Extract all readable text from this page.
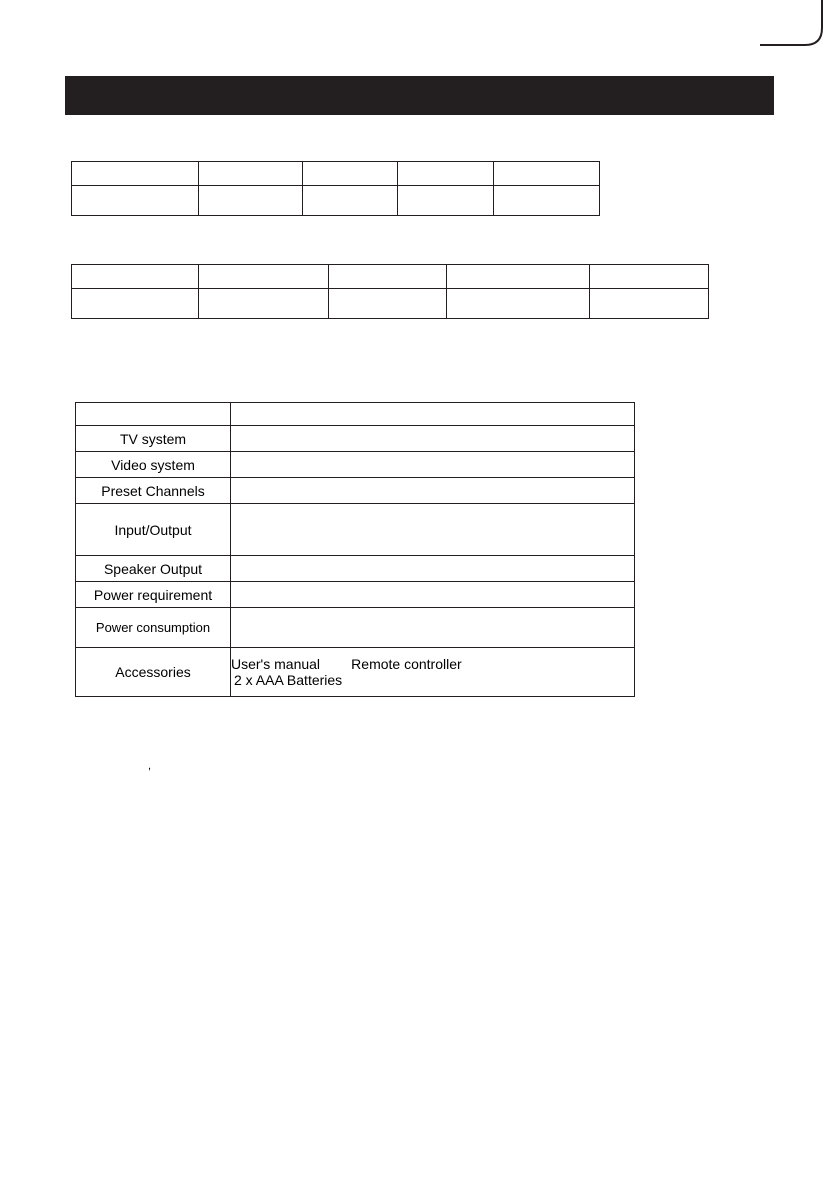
TV system	
Video system	
Preset Channels	
Input/Output	
Speaker Output	
Power requirement	
Power consumption	
Accessories	User's manual Remote controller
2 x AAA Batteries
,
